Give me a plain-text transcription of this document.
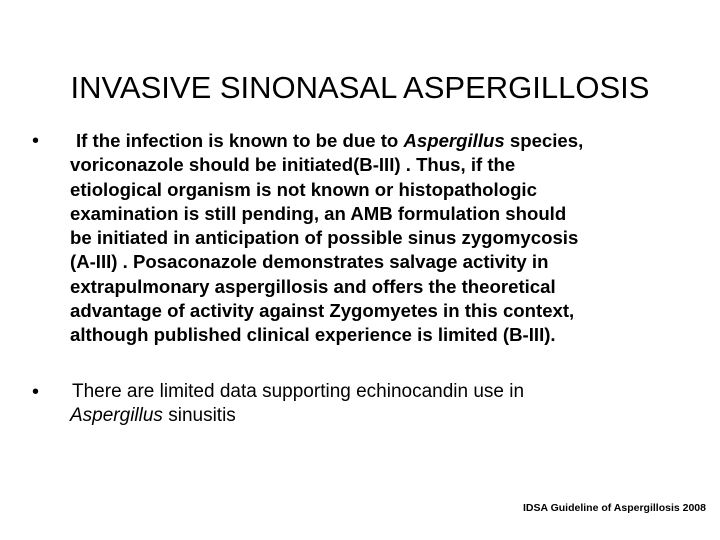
INVASIVE SINONASAL ASPERGILLOSIS
• If the infection is known to be due to Aspergillus species,
voriconazole should be initiated(B-III) . Thus, if the
etiological organism is not known or histopathologic
examination is still pending, an AMB formulation should
be initiated in anticipation of possible sinus zygomycosis
(A-III) . Posaconazole demonstrates salvage activity in
extrapulmonary aspergillosis and offers the theoretical
advantage of activity against Zygomyetes in this context,
although published clinical experience is limited (B-III).
• There are limited data supporting echinocandin use in
Aspergillus sinusitis
IDSA Guideline of Aspergillosis 2008
